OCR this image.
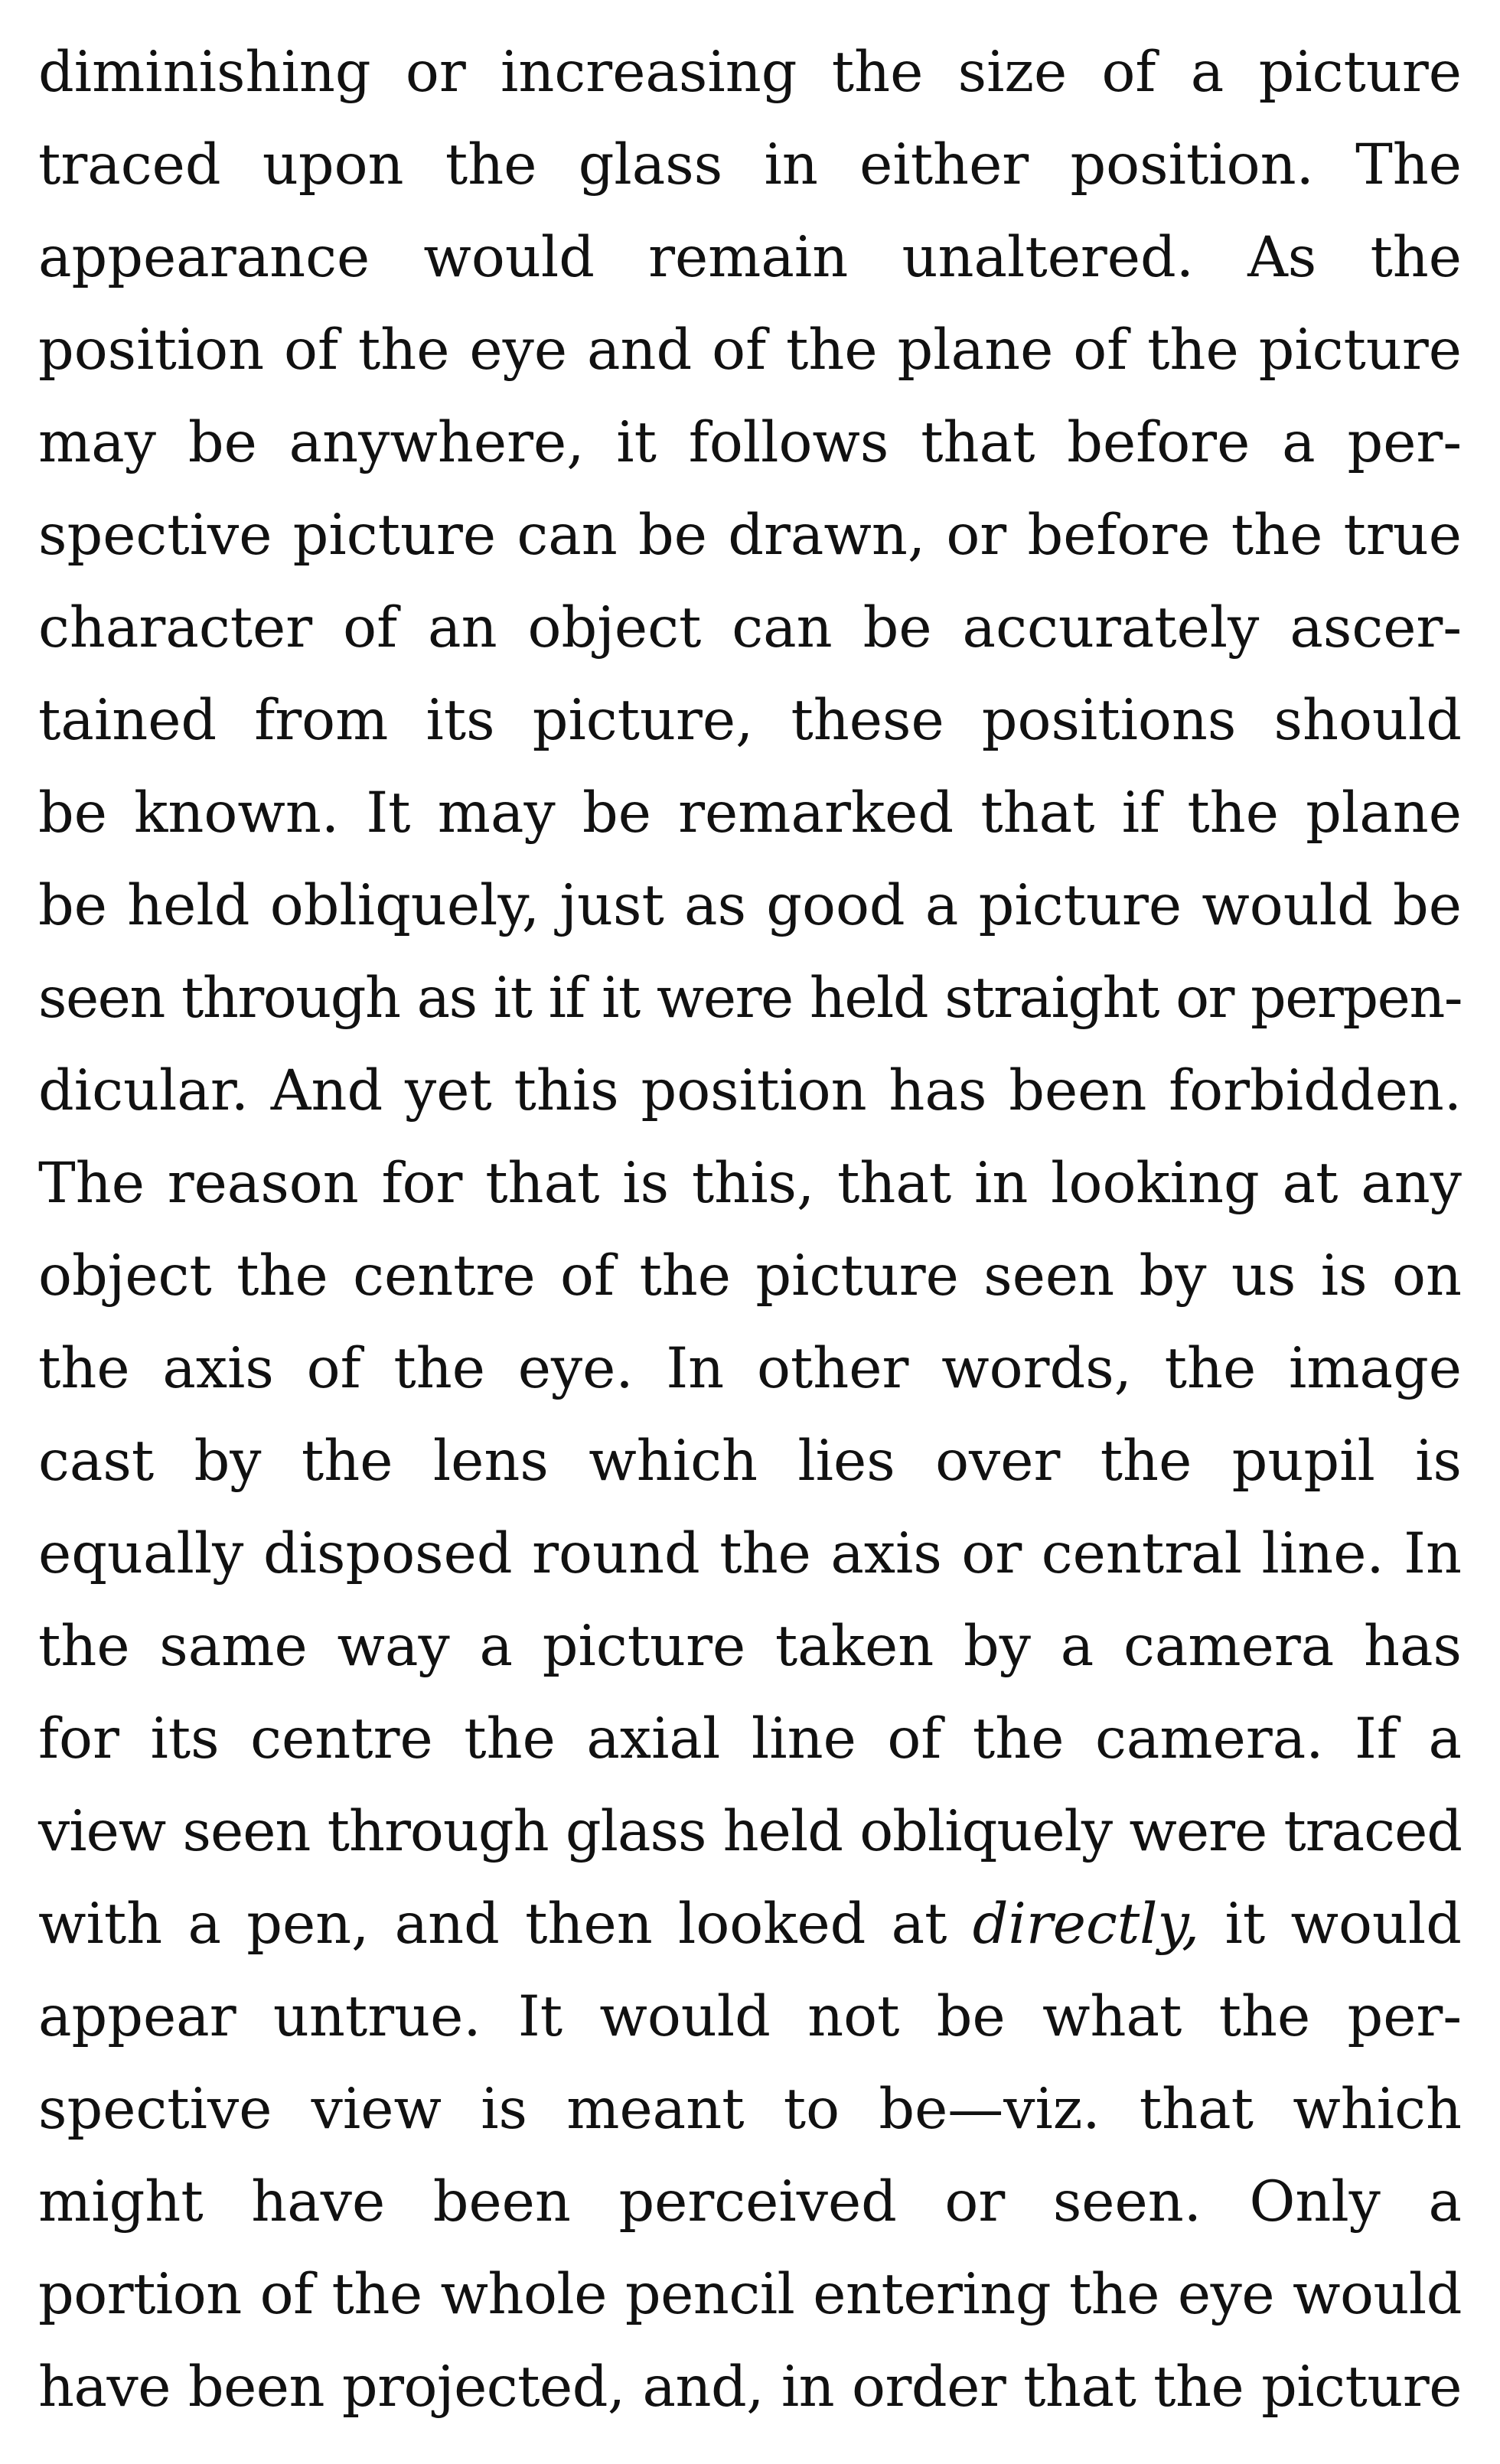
diminishing or increasing the size of a picture
traced upon the glass in either position. The
appearance would remain unaltered. As the
position of the eye and of the plane of the picture
may be anywhere, it follows that before a per-
spective picture can be drawn, or before the true
character of an object can be accurately ascer-
tained from its picture, these positions should
be known. It may be remarked that if the plane
be held obliquely, just as good a picture would be
seen through as it if it were held straight or perpen-
dicular. And yet this position has been forbidden.
The reason for that is this, that in looking at any
object the centre of the picture seen by us is on
the axis of the eye. In other words, the image
cast by the lens which lies over the pupil is
equally disposed round the axis or central line. In
the same way a picture taken by a camera has
for its centre the axial line of the camera. If a
view seen through glass held obliquely were traced
with a pen, and then looked at directly, it would
appear untrue. It would not be what the per-
spective view is meant to be—viz. that which
might have been perceived or seen. Only a
portion of the whole pencil entering the eye would
have been projected, and, in order that the picture
